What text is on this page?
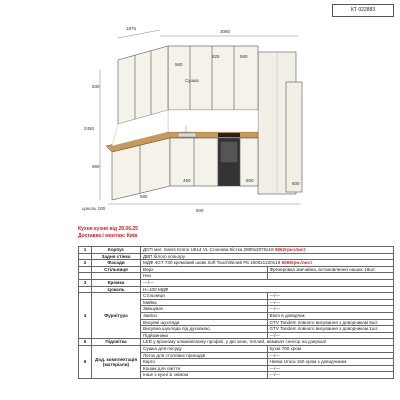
КТ 022883
3080
1875
2450
830
860
600
580
450	600
600
560
625	580
Сушка
цоколь 100
Кухня кухня від 28.06.25
Доставка і монтаж: Київ
1	Корпус	ДСП мат. Swiss Krono U514 VL Слонова Кістка 2800х2070х18 9062грн./лист	
	Задня стінка	ДВП білого кольору	
2	Фасади	МДФ 4GT 730 кремовий шовк Soft Touch/Білий Рв 1800х1220х18 6088грн./лист	
	Стільниця	Верх	Фрезеровка звичайна, встановлення наших 18шт.
		Низ	
3	Кромка	---/---	
	Цоколь	H=100 МДФ	
4	Фурнітура	Стільниця	---/---
		Мийка	---/---
		Змішувач	---/---
		Завіси	Blum в доводчик
		Висувні шухляди	GTV Tandem повного висування з доводчиком 5шт.
		Висувна шухляда під духовкою	GTV Tandem повного висування з доводчиком 1шт.
		Підйомники	---/---
5	Підсвітка	LED у врізному алюмінієвому профілі, у дві зони, теплий, вимикач сенсор на дзеркалі	
6	Дод. комплектація (матеріали)	Сушка для посуду	Кухні 700 хром
		Лоток для столових приладів	---/---
		Карго	Невка Unica 150 хром з доводчиком
		Кошик для сміття	---/---
		Інше з кухні зі знімом	---/---
